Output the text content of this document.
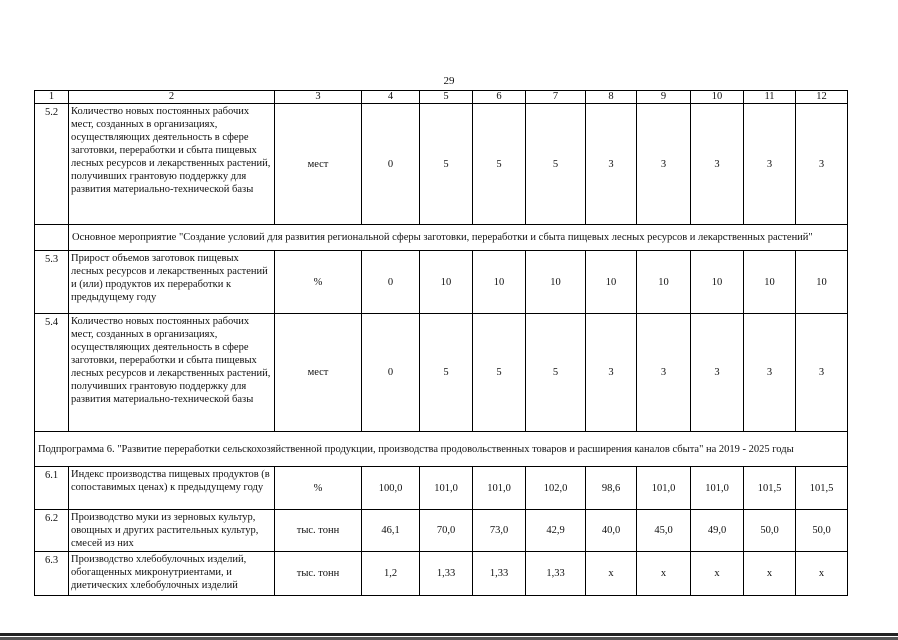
29
1	2	3	4	5	6	7	8	9	10	11	12
5.2	Количество новых постоянных рабочих мест, созданных в организациях, осуществляющих деятельность в сфере заготовки, переработки и сбыта пищевых лесных ресурсов и лекарственных растений, получивших грантовую поддержку для развития материально-технической базы	мест	0	5	5	5	3	3	3	3	3
	Основное мероприятие "Создание условий для развития региональной сферы заготовки, переработки и сбыта пищевых лесных ресурсов и лекарственных растений"										
5.3	Прирост объемов заготовок пищевых лесных ресурсов и лекарственных растений и (или) продуктов их переработки к предыдущему году	%	0	10	10	10	10	10	10	10	10
5.4	Количество новых постоянных рабочих мест, созданных в организациях, осуществляющих деятельность в сфере заготовки, переработки и сбыта пищевых лесных ресурсов и лекарственных растений, получивших грантовую поддержку для развития материально-технической базы	мест	0	5	5	5	3	3	3	3	3
Подпрограмма 6. "Развитие переработки сельскохозяйственной продукции, производства продовольственных товаров и расширения каналов сбыта" на 2019 - 2025 годы											
6.1	Индекс производства пищевых продуктов (в сопоставимых ценах) к предыдущему году	%	100,0	101,0	101,0	102,0	98,6	101,0	101,0	101,5	101,5
6.2	Производство муки из зерновых культур, овощных и других растительных культур, смесей из них	тыс. тонн	46,1	70,0	73,0	42,9	40,0	45,0	49,0	50,0	50,0
6.3	Производство хлебобулочных изделий, обогащенных микронутриентами, и диетических хлебобулочных изделий	тыс. тонн	1,2	1,33	1,33	1,33	х	х	х	х	х
